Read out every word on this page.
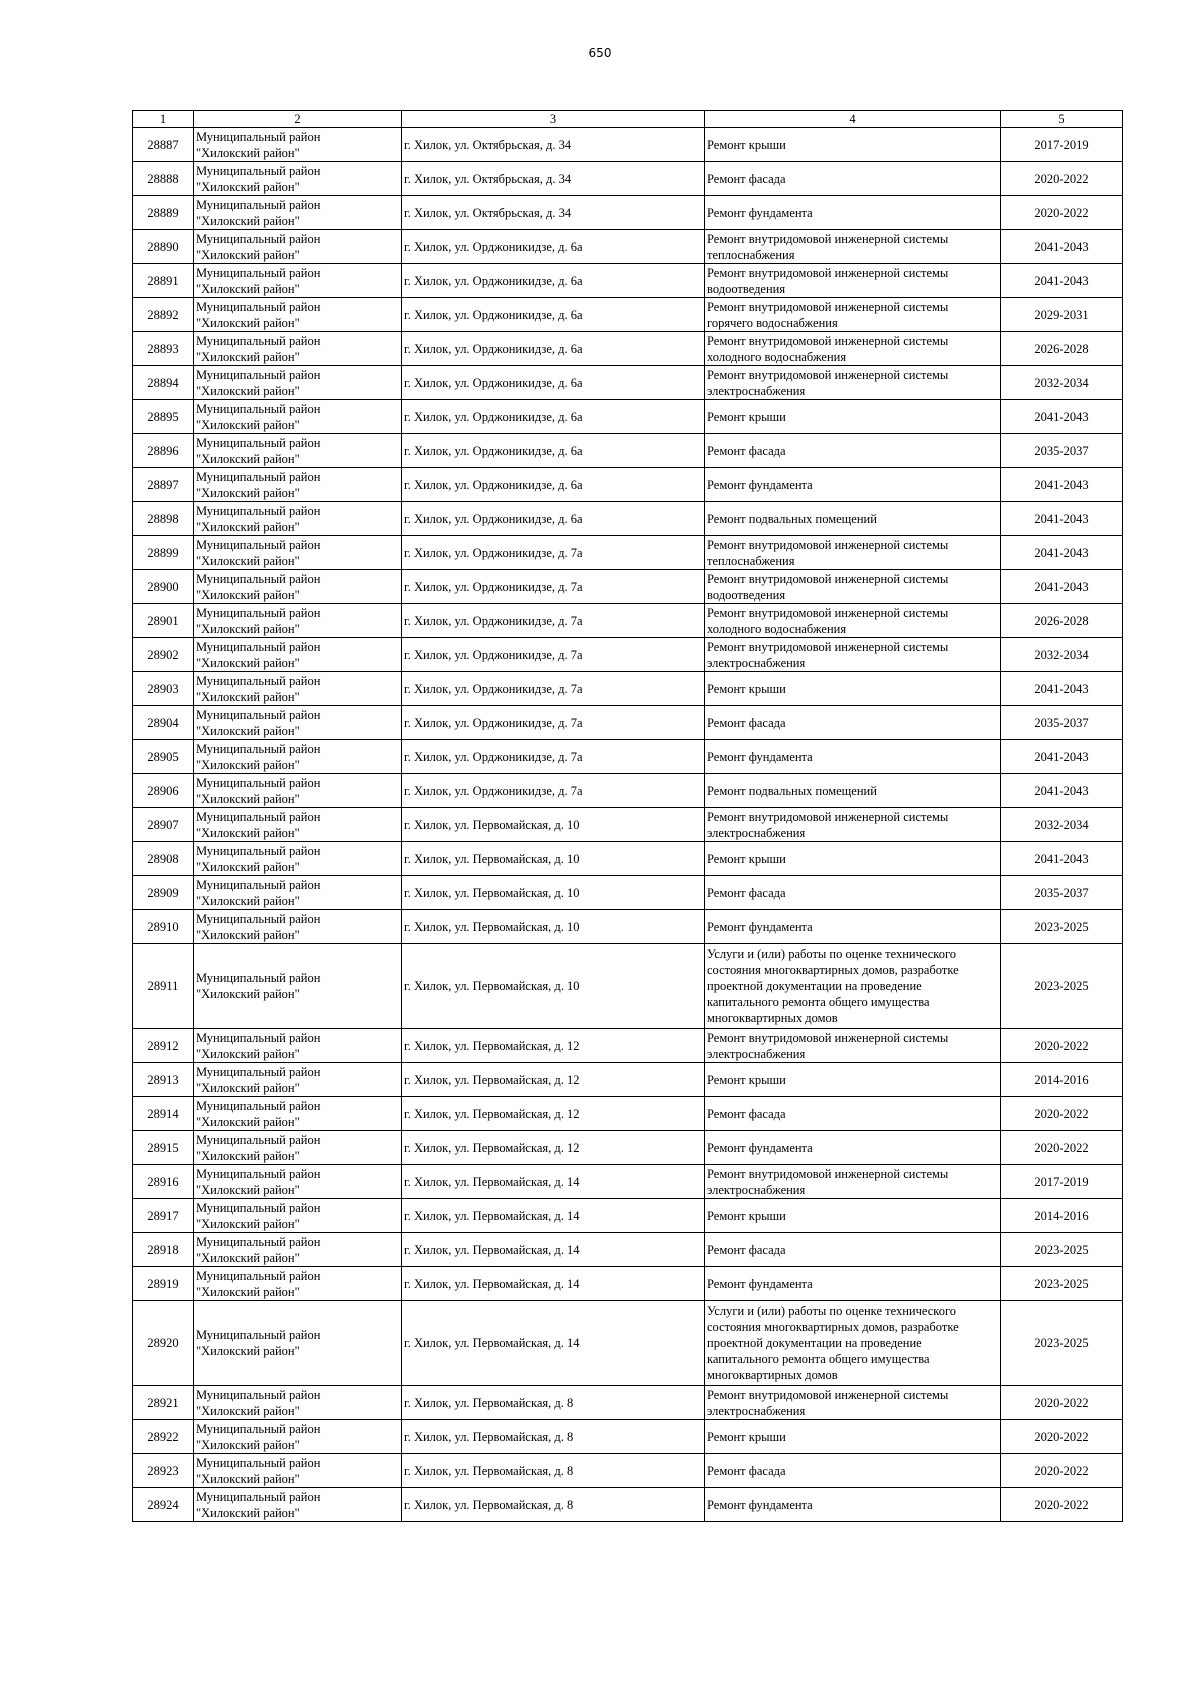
650
1	2	3	4	5

28887	Муниципальный район
"Хилокский район"	г. Хилок, ул. Октябрьская, д. 34	Ремонт крыши	2017-2019

28888	Муниципальный район
"Хилокский район"	г. Хилок, ул. Октябрьская, д. 34	Ремонт фасада	2020-2022

28889	Муниципальный район
"Хилокский район"	г. Хилок, ул. Октябрьская, д. 34	Ремонт фундамента	2020-2022

28890	Муниципальный район
"Хилокский район"	г. Хилок, ул. Орджоникидзе, д. 6а	Ремонт внутридомовой инженерной системы
теплоснабжения	2041-2043

28891	Муниципальный район
"Хилокский район"	г. Хилок, ул. Орджоникидзе, д. 6а	Ремонт внутридомовой инженерной системы
водоотведения	2041-2043

28892	Муниципальный район
"Хилокский район"	г. Хилок, ул. Орджоникидзе, д. 6а	Ремонт внутридомовой инженерной системы
горячего водоснабжения	2029-2031

28893	Муниципальный район
"Хилокский район"	г. Хилок, ул. Орджоникидзе, д. 6а	Ремонт внутридомовой инженерной системы
холодного водоснабжения	2026-2028

28894	Муниципальный район
"Хилокский район"	г. Хилок, ул. Орджоникидзе, д. 6а	Ремонт внутридомовой инженерной системы
электроснабжения	2032-2034

28895	Муниципальный район
"Хилокский район"	г. Хилок, ул. Орджоникидзе, д. 6а	Ремонт крыши	2041-2043

28896	Муниципальный район
"Хилокский район"	г. Хилок, ул. Орджоникидзе, д. 6а	Ремонт фасада	2035-2037

28897	Муниципальный район
"Хилокский район"	г. Хилок, ул. Орджоникидзе, д. 6а	Ремонт фундамента	2041-2043

28898	Муниципальный район
"Хилокский район"	г. Хилок, ул. Орджоникидзе, д. 6а	Ремонт подвальных помещений	2041-2043

28899	Муниципальный район
"Хилокский район"	г. Хилок, ул. Орджоникидзе, д. 7а	Ремонт внутридомовой инженерной системы
теплоснабжения	2041-2043

28900	Муниципальный район
"Хилокский район"	г. Хилок, ул. Орджоникидзе, д. 7а	Ремонт внутридомовой инженерной системы
водоотведения	2041-2043

28901	Муниципальный район
"Хилокский район"	г. Хилок, ул. Орджоникидзе, д. 7а	Ремонт внутридомовой инженерной системы
холодного водоснабжения	2026-2028

28902	Муниципальный район
"Хилокский район"	г. Хилок, ул. Орджоникидзе, д. 7а	Ремонт внутридомовой инженерной системы
электроснабжения	2032-2034

28903	Муниципальный район
"Хилокский район"	г. Хилок, ул. Орджоникидзе, д. 7а	Ремонт крыши	2041-2043

28904	Муниципальный район
"Хилокский район"	г. Хилок, ул. Орджоникидзе, д. 7а	Ремонт фасада	2035-2037

28905	Муниципальный район
"Хилокский район"	г. Хилок, ул. Орджоникидзе, д. 7а	Ремонт фундамента	2041-2043

28906	Муниципальный район
"Хилокский район"	г. Хилок, ул. Орджоникидзе, д. 7а	Ремонт подвальных помещений	2041-2043

28907	Муниципальный район
"Хилокский район"	г. Хилок, ул. Первомайская, д. 10	Ремонт внутридомовой инженерной системы
электроснабжения	2032-2034

28908	Муниципальный район
"Хилокский район"	г. Хилок, ул. Первомайская, д. 10	Ремонт крыши	2041-2043

28909	Муниципальный район
"Хилокский район"	г. Хилок, ул. Первомайская, д. 10	Ремонт фасада	2035-2037

28910	Муниципальный район
"Хилокский район"	г. Хилок, ул. Первомайская, д. 10	Ремонт фундамента	2023-2025

28911	Муниципальный район
"Хилокский район"	г. Хилок, ул. Первомайская, д. 10	Услуги и (или) работы по оценке технического
состояния многоквартирных домов, разработке
проектной документации на проведение
капитального ремонта общего имущества
многоквартирных домов	2023-2025

28912	Муниципальный район
"Хилокский район"	г. Хилок, ул. Первомайская, д. 12	Ремонт внутридомовой инженерной системы
электроснабжения	2020-2022

28913	Муниципальный район
"Хилокский район"	г. Хилок, ул. Первомайская, д. 12	Ремонт крыши	2014-2016

28914	Муниципальный район
"Хилокский район"	г. Хилок, ул. Первомайская, д. 12	Ремонт фасада	2020-2022

28915	Муниципальный район
"Хилокский район"	г. Хилок, ул. Первомайская, д. 12	Ремонт фундамента	2020-2022

28916	Муниципальный район
"Хилокский район"	г. Хилок, ул. Первомайская, д. 14	Ремонт внутридомовой инженерной системы
электроснабжения	2017-2019

28917	Муниципальный район
"Хилокский район"	г. Хилок, ул. Первомайская, д. 14	Ремонт крыши	2014-2016

28918	Муниципальный район
"Хилокский район"	г. Хилок, ул. Первомайская, д. 14	Ремонт фасада	2023-2025

28919	Муниципальный район
"Хилокский район"	г. Хилок, ул. Первомайская, д. 14	Ремонт фундамента	2023-2025

28920	Муниципальный район
"Хилокский район"	г. Хилок, ул. Первомайская, д. 14	Услуги и (или) работы по оценке технического
состояния многоквартирных домов, разработке
проектной документации на проведение
капитального ремонта общего имущества
многоквартирных домов	2023-2025

28921	Муниципальный район
"Хилокский район"	г. Хилок, ул. Первомайская, д. 8	Ремонт внутридомовой инженерной системы
электроснабжения	2020-2022

28922	Муниципальный район
"Хилокский район"	г. Хилок, ул. Первомайская, д. 8	Ремонт крыши	2020-2022

28923	Муниципальный район
"Хилокский район"	г. Хилок, ул. Первомайская, д. 8	Ремонт фасада	2020-2022

28924	Муниципальный район
"Хилокский район"	г. Хилок, ул. Первомайская, д. 8	Ремонт фундамента	2020-2022
